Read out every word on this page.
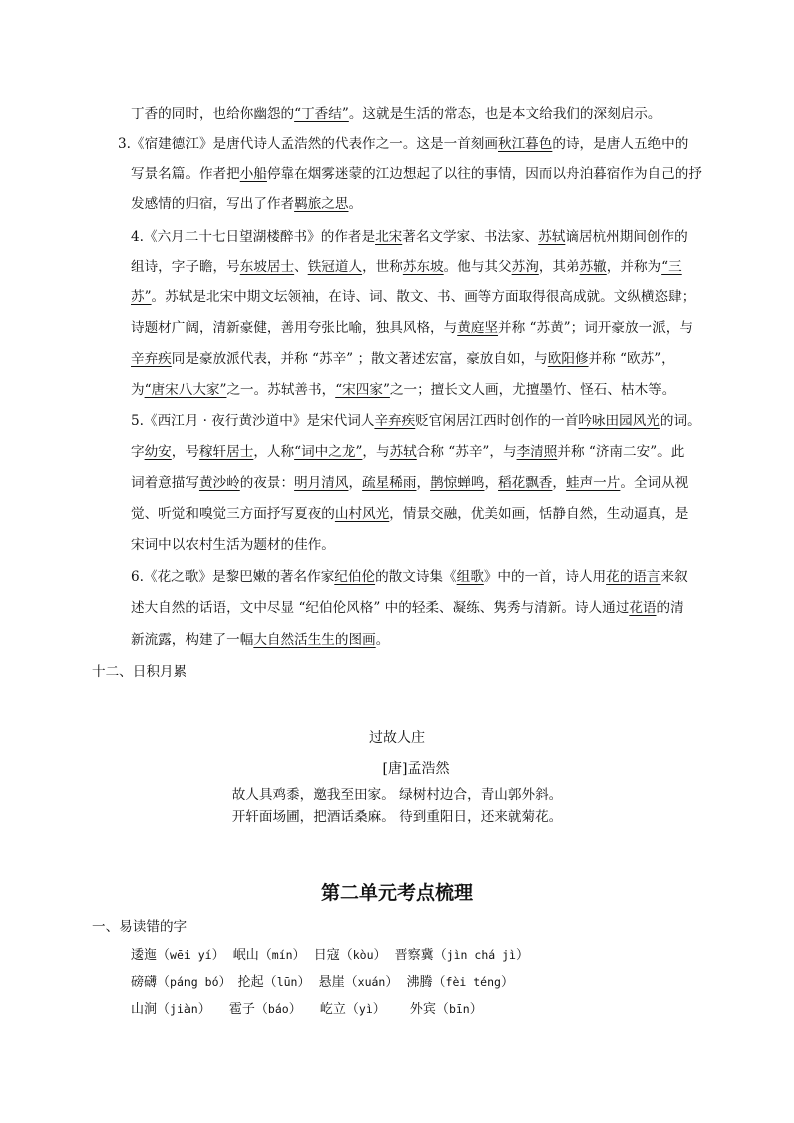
丁香的同时，也给你幽怨的“丁香结”。这就是生活的常态，也是本文给我们的深刻启示。
3.《宿建德江》是唐代诗人孟浩然的代表作之一。这是一首刻画秋江暮色的诗，是唐人五绝中的
写景名篇。作者把小船停靠在烟雾迷蒙的江边想起了以往的事情，因而以舟泊暮宿作为自己的抒
发感情的归宿，写出了作者羁旅之思。
4.《六月二十七日望湖楼醉书》的作者是北宋著名文学家、书法家、苏轼谪居杭州期间创作的
组诗，字子瞻，号东坡居士、铁冠道人，世称苏东坡。他与其父苏洵，其弟苏辙，并称为“三
苏”。苏轼是北宋中期文坛领袖，在诗、词、散文、书、画等方面取得很高成就。文纵横恣肆；
诗题材广阔，清新豪健，善用夸张比喻，独具风格，与黄庭坚并称 “苏黄”；词开豪放一派，与
辛弃疾同是豪放派代表，并称 “苏辛” ；散文著述宏富，豪放自如，与欧阳修并称 “欧苏”，
为“唐宋八大家”之一。苏轼善书，“宋四家”之一；擅长文人画，尤擅墨竹、怪石、枯木等。
5.《西江月 · 夜行黄沙道中》是宋代词人辛弃疾贬官闲居江西时创作的一首吟咏田园风光的词。
字幼安，号稼轩居士，人称“词中之龙”，与苏轼合称 “苏辛”，与李清照并称 “济南二安”。此
词着意描写黄沙岭的夜景：明月清风，疏星稀雨，鹊惊蝉鸣，稻花飘香，蛙声一片。全词从视
觉、听觉和嗅觉三方面抒写夏夜的山村风光，情景交融，优美如画，恬静自然，生动逼真，是
宋词中以农村生活为题材的佳作。
6.《花之歌》是黎巴嫩的著名作家纪伯伦的散文诗集《组歌》中的一首，诗人用花的语言来叙
述大自然的话语，文中尽显 “纪伯伦风格” 中的轻柔、凝练、隽秀与清新。诗人通过花语的清
新流露，构建了一幅大自然活生生的图画。
十二、日积月累
过故人庄
[唐]孟浩然
故人具鸡黍，邀我至田家。 绿树村边合，青山郭外斜。
开轩面场圃，把酒话桑麻。 待到重阳日，还来就菊花。
第二单元考点梳理
一、易读错的字
逶迤（wēi yí） 岷山（mín） 日寇（kòu） 晋察冀（jìn chá jì）
磅礴（páng bó） 抡起（lūn） 悬崖（xuán） 沸腾（fèi téng）
山涧（jiàn） 雹子（báo） 屹立（yì） 外宾（bīn）
